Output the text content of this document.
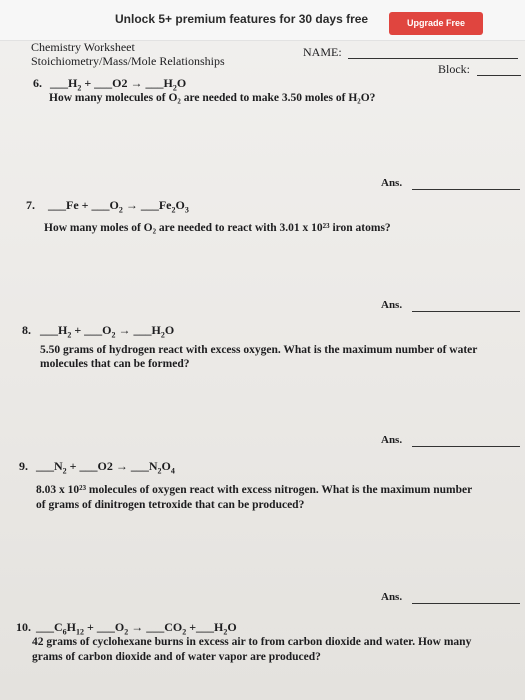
Unlock 5+ premium features for 30 days free	Upgrade Free
Chemistry Worksheet
Stoichiometry/Mass/Mole Relationships
NAME:
Block:
6. $\_\_\_H_2$ + ___O2 → $\_\_\_H_2O$
How many molecules of O₂ are needed to make 3.50 moles of H₂O?
Ans.
7. ___Fe + $\_\_\_O_2$ → $\_\_\_Fe_2O_3$
How many moles of O₂ are needed to react with 3.01 x 10²³ iron atoms?
Ans.
8. $\_\_\_H_2$ + $\_\_\_O_2$ → $\_\_\_H_2O$
5.50 grams of hydrogen react with excess oxygen. What is the maximum number of water
molecules that can be formed?
Ans.
9. $\_\_\_N_2$ + ___O2 → $\_\_\_N_2O_4$
8.03 x 10²³ molecules of oxygen react with excess nitrogen. What is the maximum number
of grams of dinitrogen tetroxide that can be produced?
Ans.
10. $\_\_\_C_6H_{12}$ + $\_\_\_O_2$ → $\_\_\_CO_2$ $+\_\_\_H_2O$
42 grams of cyclohexane burns in excess air to from carbon dioxide and water. How many
grams of carbon dioxide and of water vapor are produced?
